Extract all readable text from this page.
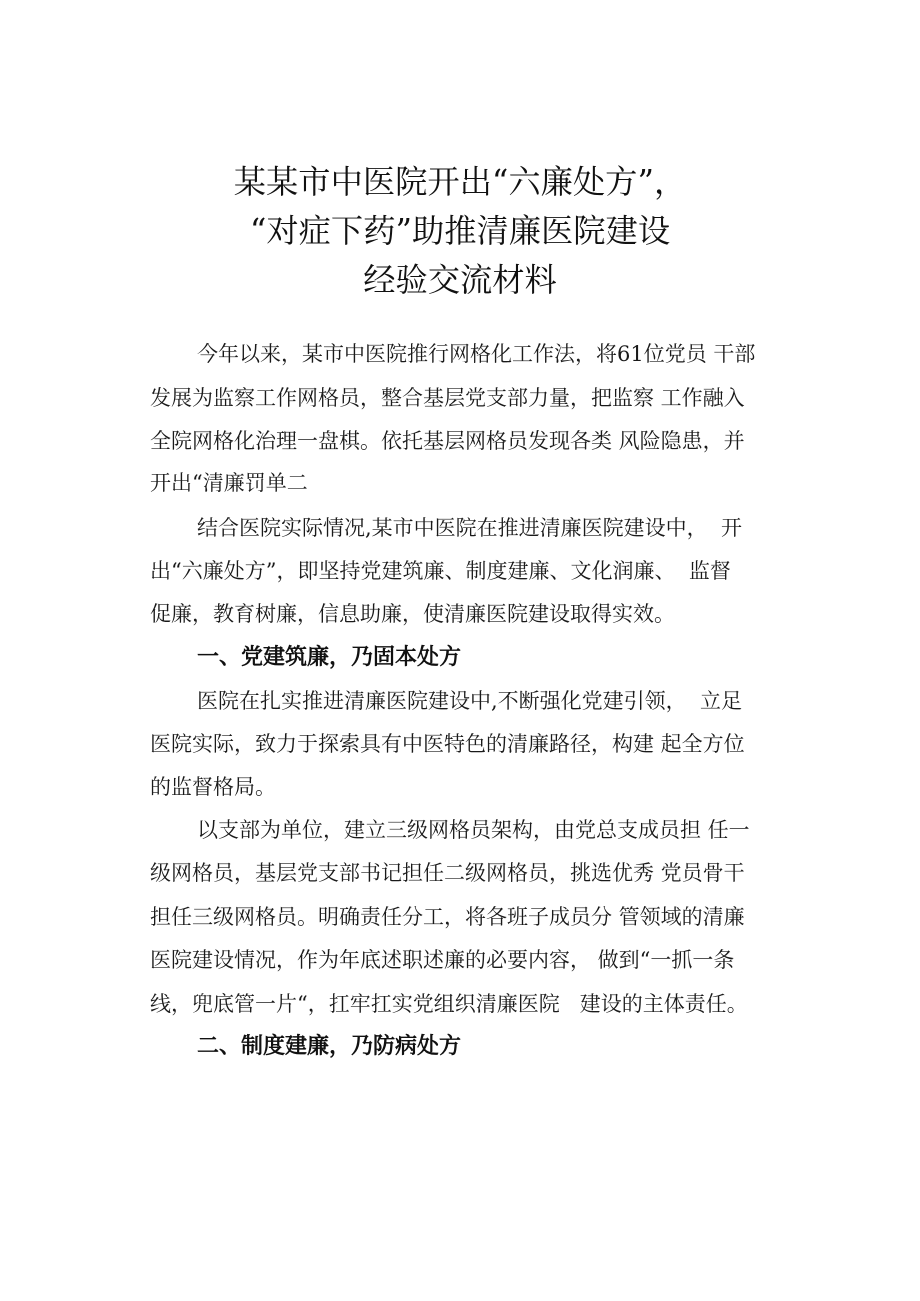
某某市中医院开出“六廉处方”，
“对症下药”助推清廉医院建设
经验交流材料

今年以来，某市中医院推行网格化工作法，将61位党员 干部

发展为监察工作网格员，整合基层党支部力量，把监察 工作融入

全院网格化治理一盘棋。依托基层网格员发现各类 风险隐患，并

开出“清廉罚单二

结合医院实际情况,某市中医院在推进清廉医院建设中，  开

出“六廉处方”，即坚持党建筑廉、制度建廉、文化润廉、  监督

促廉，教育树廉，信息助廉，使清廉医院建设取得实效。

一、党建筑廉，乃固本处方

医院在扎实推进清廉医院建设中,不断强化党建引领，  立足

医院实际，致力于探索具有中医特色的清廉路径，构建 起全方位

的监督格局。

以支部为单位，建立三级网格员架构，由党总支成员担 任一

级网格员，基层党支部书记担任二级网格员，挑选优秀 党员骨干

担任三级网格员。明确责任分工，将各班子成员分 管领域的清廉

医院建设情况，作为年底述职述廉的必要内容， 做到“一抓一条

线，兜底管一片“，扛牢扛实党组织清廉医院   建设的主体责任。

二、制度建廉，乃防病处方
